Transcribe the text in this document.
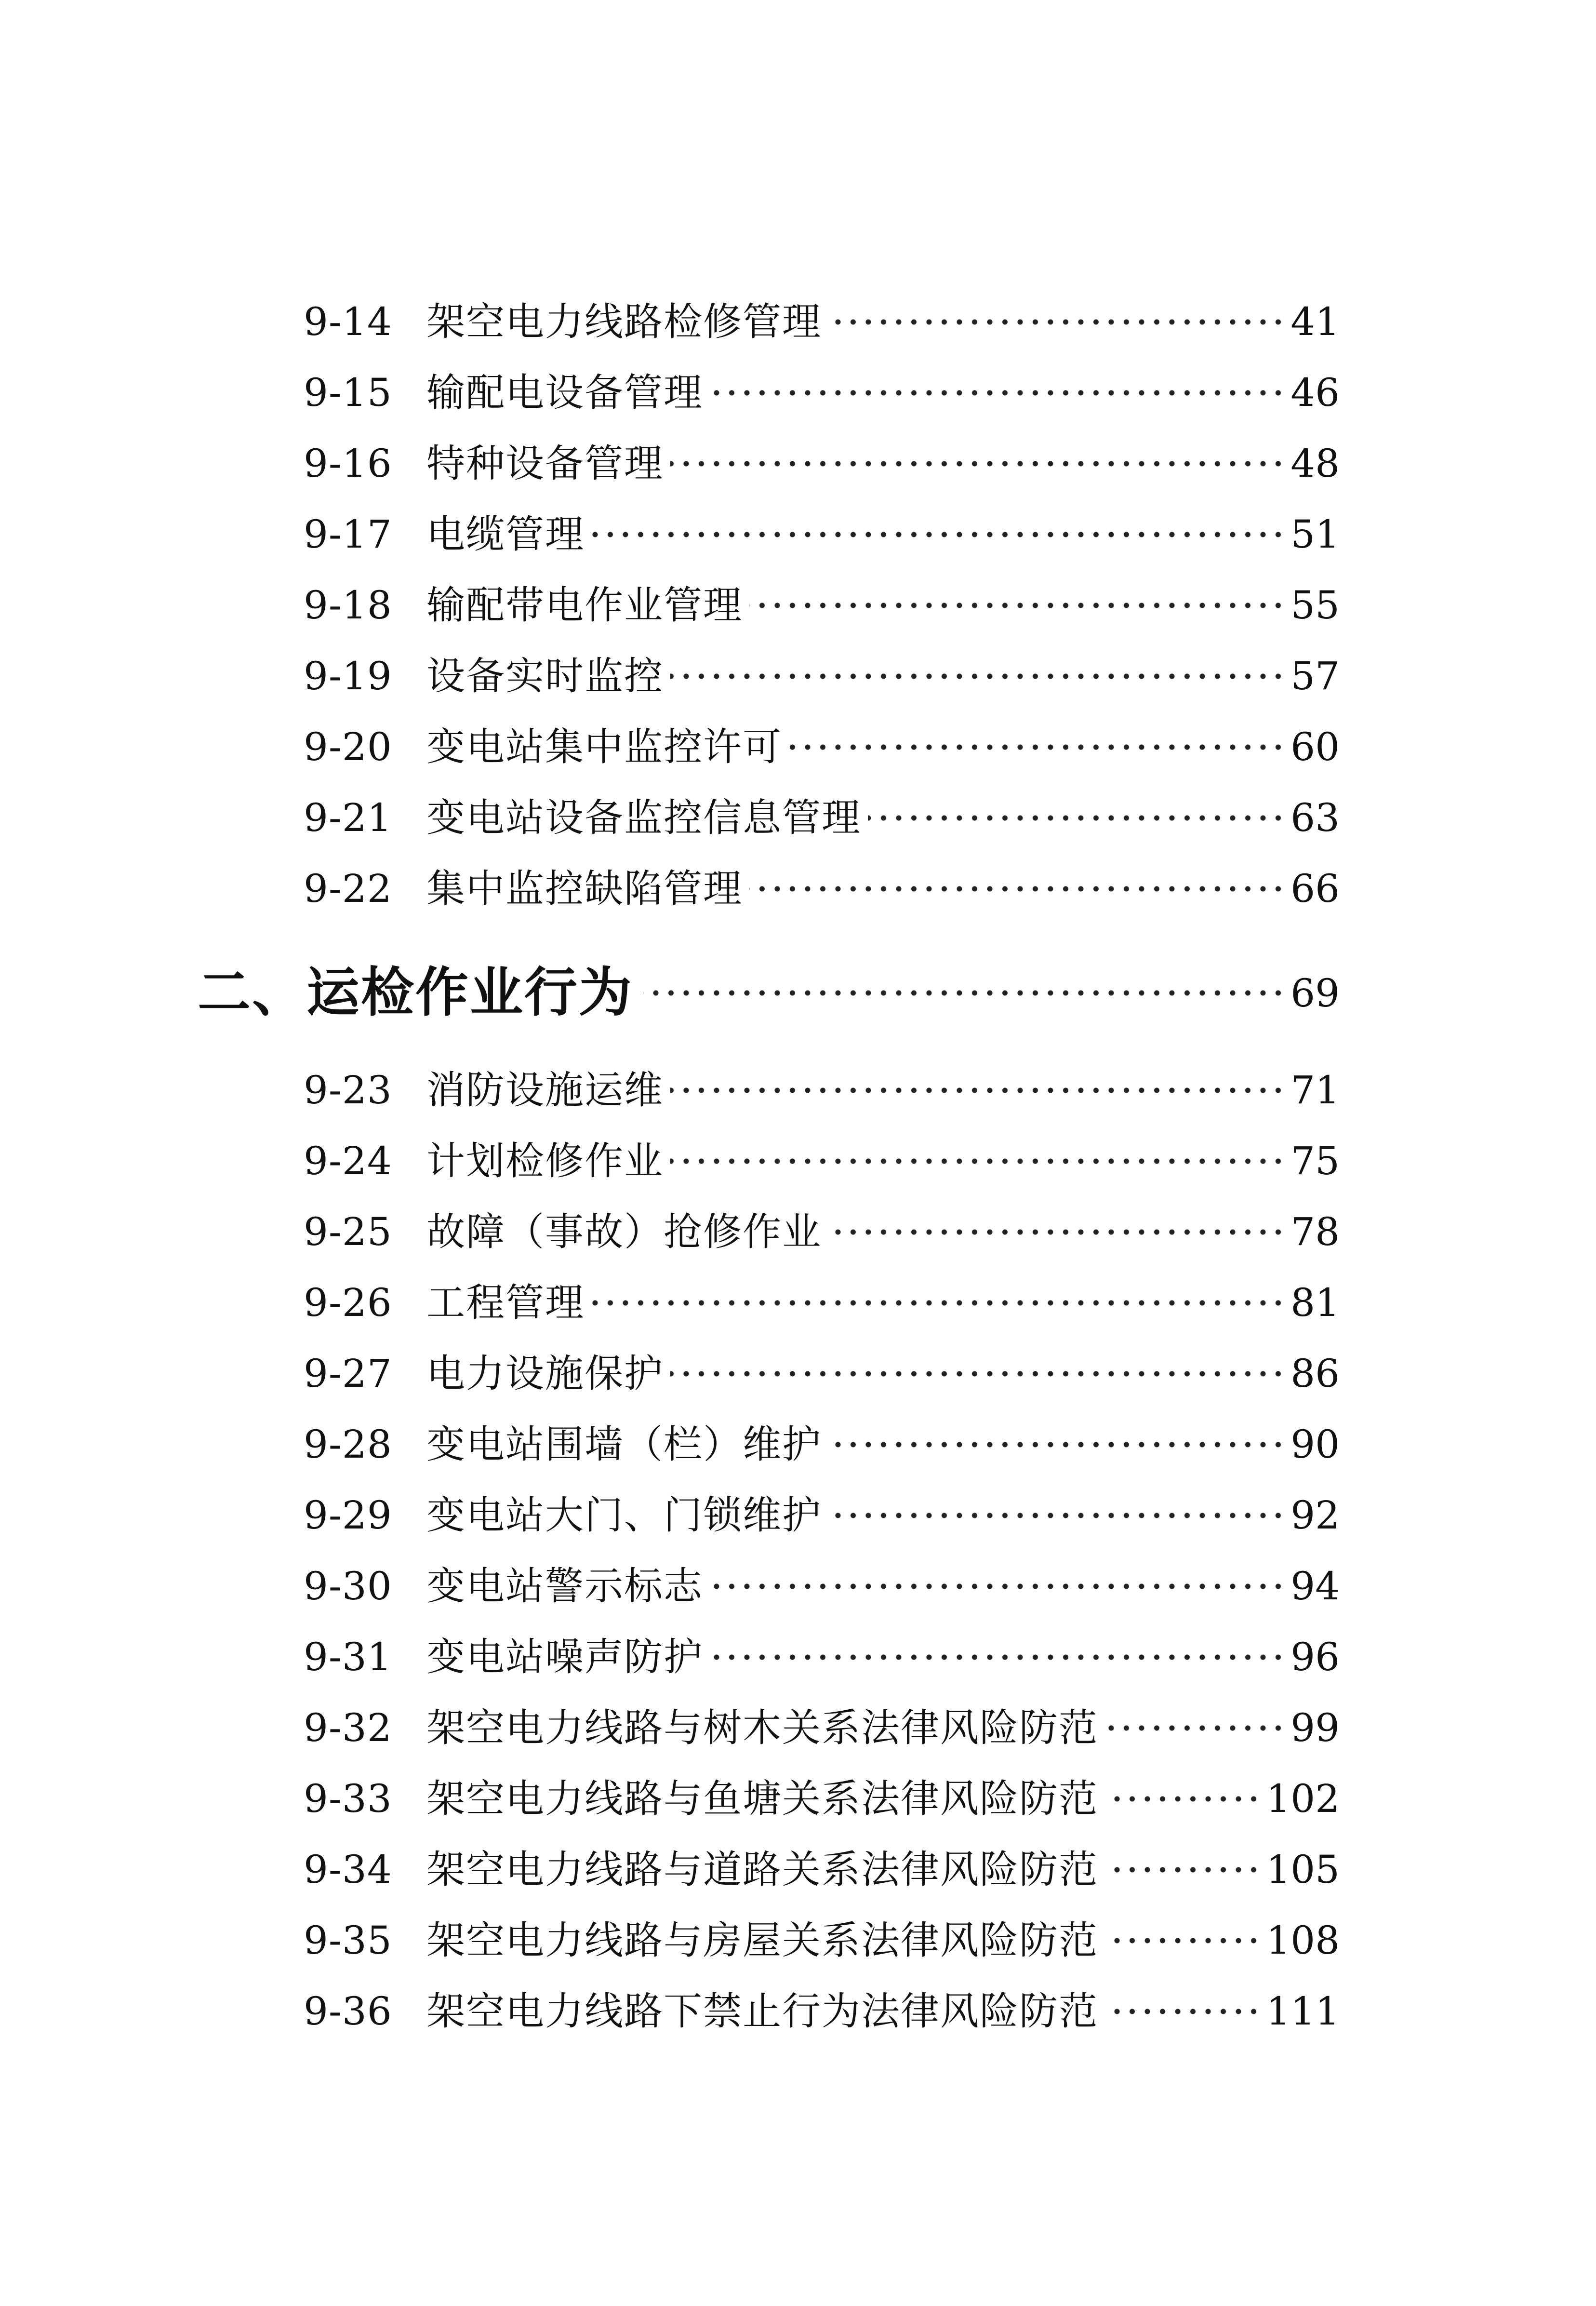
9-14 架空电力线路检修管理	41
9-15 输配电设备管理	46
9-16 特种设备管理	48
9-17 电缆管理	51
9-18 输配带电作业管理	55
9-19 设备实时监控	57
9-20 变电站集中监控许可	60
9-21 变电站设备监控信息管理	63
9-22 集中监控缺陷管理	66
二、运检作业行为	69
9-23 消防设施运维	71
9-24 计划检修作业	75
9-25 故障（事故）抢修作业	78
9-26 工程管理	81
9-27 电力设施保护	86
9-28 变电站围墙（栏）维护	90
9-29 变电站大门、门锁维护	92
9-30 变电站警示标志	94
9-31 变电站噪声防护	96
9-32 架空电力线路与树木关系法律风险防范	99
9-33 架空电力线路与鱼塘关系法律风险防范	102
9-34 架空电力线路与道路关系法律风险防范	105
9-35 架空电力线路与房屋关系法律风险防范	108
9-36 架空电力线路下禁止行为法律风险防范	111
